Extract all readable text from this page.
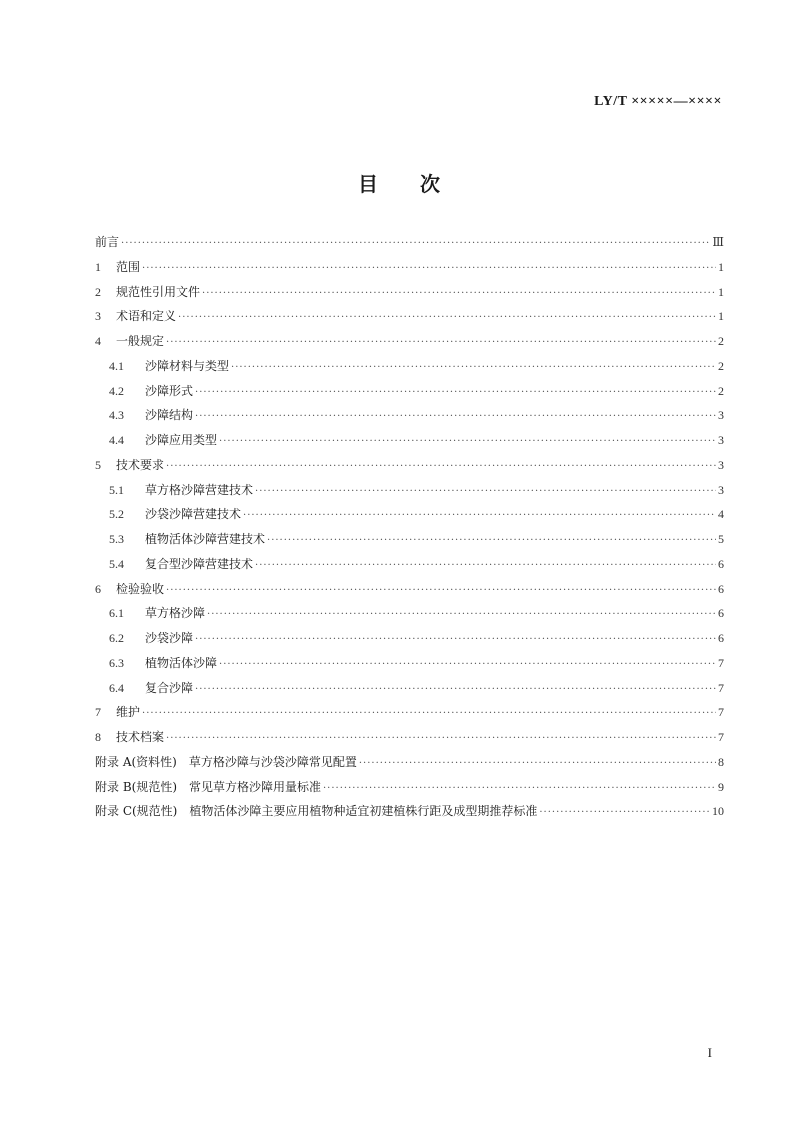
LY/T ×××××—××××
目 次
前言 ·····	Ⅲ
1	范围 ·····	1
2	规范性引用文件 ·····	1
3	术语和定义 ·····	1
4	一般规定 ·····	2
4.1	沙障材料与类型 ·····	2
4.2	沙障形式 ·····	2
4.3	沙障结构 ·····	3
4.4	沙障应用类型 ·····	3
5	技术要求 ·····	3
5.1	草方格沙障营建技术 ·····	3
5.2	沙袋沙障营建技术 ·····	4
5.3	植物活体沙障营建技术 ·····	5
5.4	复合型沙障营建技术 ·····	6
6	检验验收 ·····	6
6.1	草方格沙障 ·····	6
6.2	沙袋沙障 ·····	6
6.3	植物活体沙障 ·····	7
6.4	复合沙障 ·····	7
7	维护 ·····	7
8	技术档案 ·····	7
附录 A(资料性)　草方格沙障与沙袋沙障常见配置 ·····	8
附录 B(规范性)　常见草方格沙障用量标准 ·····	9
附录 C(规范性)　植物活体沙障主要应用植物种适宜初建植株行距及成型期推荐标准 ·····	10
I
